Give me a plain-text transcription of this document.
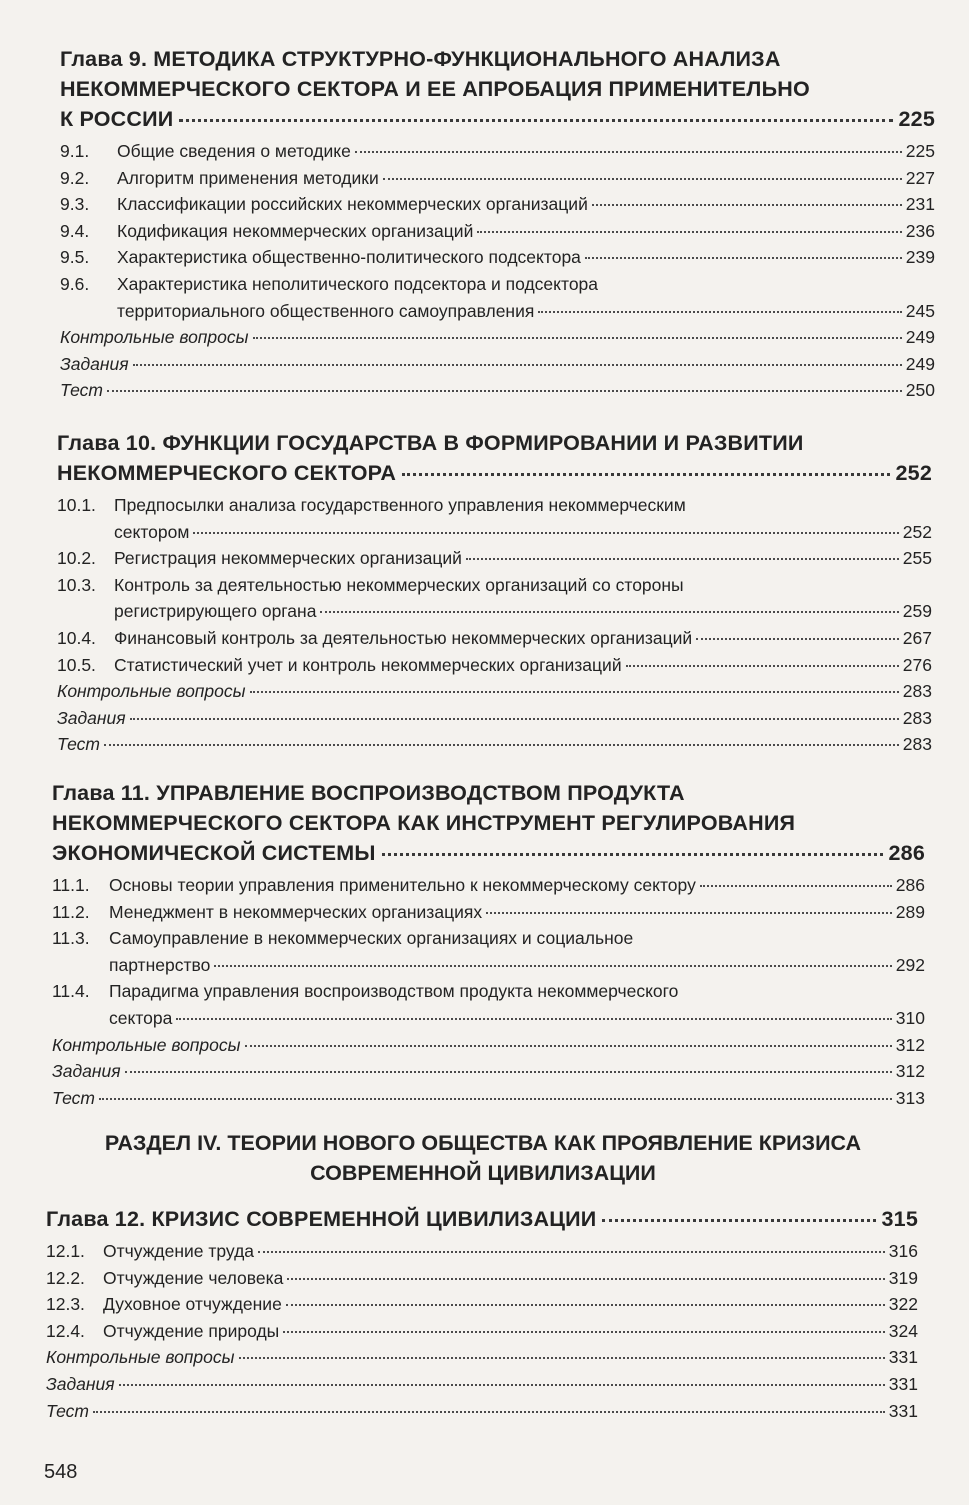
Глава 9. МЕТОДИКА СТРУКТУРНО-ФУНКЦИОНАЛЬНОГО АНАЛИЗА
НЕКОММЕРЧЕСКОГО СЕКТОРА И ЕЕ АПРОБАЦИЯ ПРИМЕНИТЕЛЬНО
К РОССИИ	225
9.1.	Общие сведения о методике	225
9.2.	Алгоритм применения методики	227
9.3.	Классификации российских некоммерческих организаций	231
9.4.	Кодификация некоммерческих организаций	236
9.5.	Характеристика общественно-политического подсектора	239
9.6.	Характеристика неполитического подсектора и подсектора
территориального общественного самоуправления	245
Контрольные вопросы	249
Задания	249
Тест	250
Глава 10. ФУНКЦИИ ГОСУДАРСТВА В ФОРМИРОВАНИИ И РАЗВИТИИ
НЕКОММЕРЧЕСКОГО СЕКТОРА	252
10.1.	Предпосылки анализа государственного управления некоммерческим
сектором	252
10.2.	Регистрация некоммерческих организаций	255
10.3.	Контроль за деятельностью некоммерческих организаций со стороны
регистрирующего органа	259
10.4.	Финансовый контроль за деятельностью некоммерческих организаций	267
10.5.	Статистический учет и контроль некоммерческих организаций	276
Контрольные вопросы	283
Задания	283
Тест	283
Глава 11. УПРАВЛЕНИЕ ВОСПРОИЗВОДСТВОМ ПРОДУКТА
НЕКОММЕРЧЕСКОГО СЕКТОРА КАК ИНСТРУМЕНТ РЕГУЛИРОВАНИЯ
ЭКОНОМИЧЕСКОЙ СИСТЕМЫ	286
11.1.	Основы теории управления применительно к некоммерческому сектору	286
11.2.	Менеджмент в некоммерческих организациях	289
11.3.	Самоуправление в некоммерческих организациях и социальное
партнерство	292
11.4.	Парадигма управления воспроизводством продукта некоммерческого
сектора	310
Контрольные вопросы	312
Задания	312
Тест	313
РАЗДЕЛ IV. ТЕОРИИ НОВОГО ОБЩЕСТВА КАК ПРОЯВЛЕНИЕ КРИЗИСА
СОВРЕМЕННОЙ ЦИВИЛИЗАЦИИ
Глава 12. КРИЗИС СОВРЕМЕННОЙ ЦИВИЛИЗАЦИИ	315
12.1.	Отчуждение труда	316
12.2.	Отчуждение человека	319
12.3.	Духовное отчуждение	322
12.4.	Отчуждение природы	324
Контрольные вопросы	331
Задания	331
Тест	331
548
